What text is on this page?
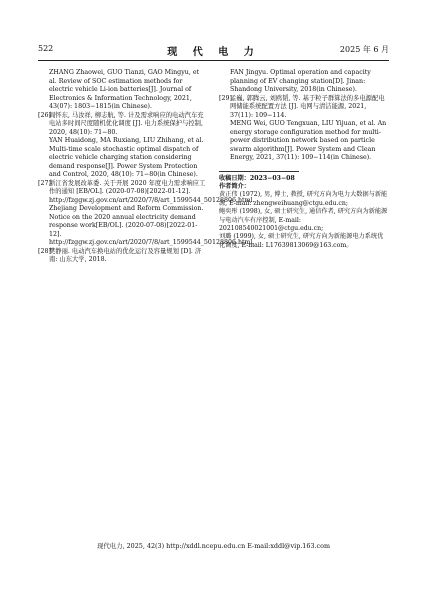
522	现 代 电 力	2025 年 6 月

ZHANG Zhaowei, GUO Tianzi, GAO Mingyu, et al. Review of SOC estimation methods for electric vehicle Li-ion batteries[J]. Journal of Electronics & Information Technology, 2021, 43(07): 1803−1815(in Chinese).

[26]

阎怀东, 马汝祥, 柳志航, 等. 计及需求响应的电动汽车充电站多时间尺度随机优化调度 [J]. 电力系统保护与控制, 2020, 48(10): 71−80.

YAN Huaidong, MA Ruxiang, LIU Zhihang, et al. Multi-time scale stochastic optimal dispatch of electric vehicle charging station considering demand response[J]. Power System Protection and Control, 2020, 48(10): 71−80(in Chinese).

[27]

浙江省发展改革委. 关于开展 2020 年度电力需求响应工作的通知 [EB/OL]. (2020-07-08)[2022-01-12]. http://fzggw.zj.gov.cn/art/2020/7/8/art_1599544_50128806.html.

Zhejiang Development and Reform Commission. Notice on the 2020 annual electricity demand response work[EB/OL]. (2020-07-08)[2022-01-12]. http://fzggw.zj.gov.cn/art/2020/7/8/art_1599544_50128806.html.

[28]

樊静丽. 电动汽车换电站的优化运行及容量规划 [D]. 济南: 山东大学, 2018.

FAN Jingyu. Optimal operation and capacity planning of EV changing station[D]. Jinan: Shandong University, 2018(in Chinese).

[29]

孟巍, 郭腾云, 刘鸥韬, 等. 基于粒子群算法的多电源配电网储能系统配置方法 [J]. 电网与清洁能源, 2021, 37(11): 109−114.

MENG Wei, GUO Tengxuan, LIU Yijuan, et al. An energy storage configuration method for multi-power distribution network based on particle swarm algorithm[J]. Power System and Clean Energy, 2021, 37(11): 109−114(in Chinese).

收稿日期：2023−03−08

作者简介：

黄正伟 (1972), 男, 博士, 教授, 研究方向为电力大数据与新能源, E-mail: zhengweihuang@ctgu.edu.cn;

鲍奕彤 (1998), 女, 硕士研究生, 通信作者, 研究方向为新能源与电动汽车有序控制, E-mail: 202108540021001@ctgu.edu.cn;

刘璐 (1999), 女, 硕士研究生, 研究方向为新能源电力系统优化调度, E-mail: L17639813069@163.com。

现代电力, 2025, 42(3) http://xddl.ncepu.edu.cn E-mail:xddl@vip.163.com
